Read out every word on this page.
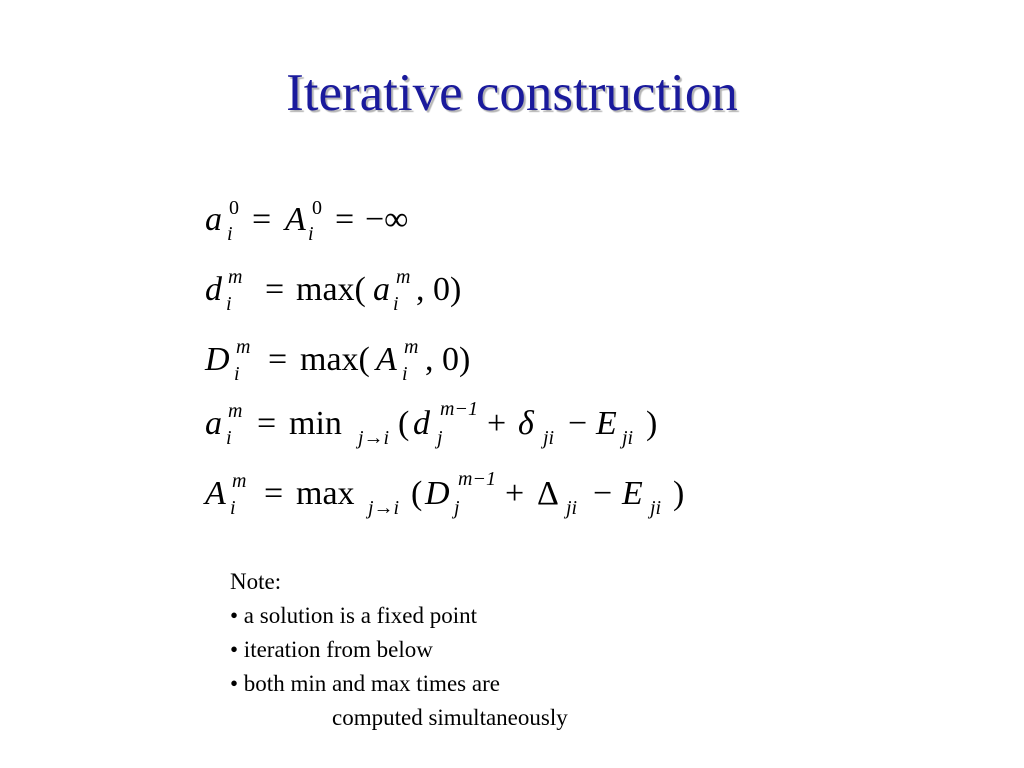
Iterative construction
a 0
i = A 0
i = −∞
d m
i = max( a m
i , 0)
D m
i = max( A m
i , 0)
a m
i = min j→i ( d m−1
j + δ ji − E ji )
A m
i = max j→i ( D m−1
j + Δ ji − E ji )
Note:
• a solution is a fixed point
• iteration from below
• both min and max times are
computed simultaneously
